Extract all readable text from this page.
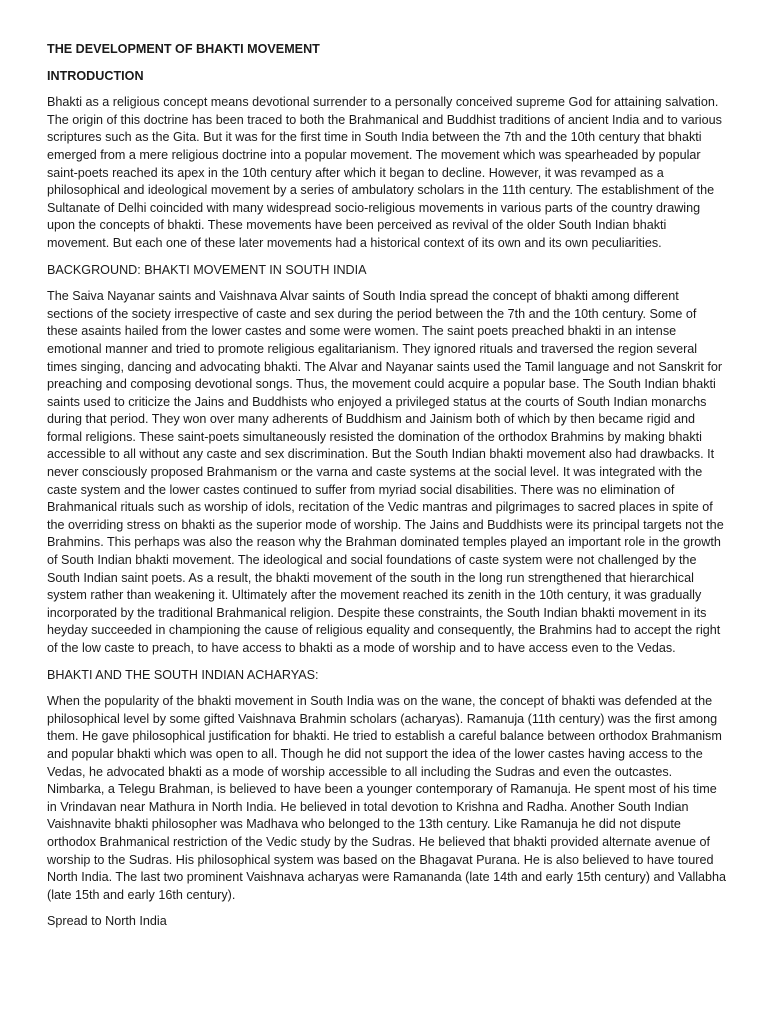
THE DEVELOPMENT OF BHAKTI MOVEMENT

INTRODUCTION

Bhakti as a religious concept means devotional surrender to a personally conceived supreme God for attaining salvation. The origin of this doctrine has been traced to both the Brahmanical and Buddhist traditions of ancient India and to various scriptures such as the Gita. But it was for the first time in South India between the 7th and the 10th century that bhakti emerged from a mere religious doctrine into a popular movement. The movement which was spearheaded by popular saint-poets reached its apex in the 10th century after which it began to decline. However, it was revamped as a philosophical and ideological movement by a series of ambulatory scholars in the 11th century. The establishment of the Sultanate of Delhi coincided with many widespread socio-religious movements in various parts of the country drawing upon the concepts of bhakti. These movements have been perceived as revival of the older South Indian bhakti movement. But each one of these later movements had a historical context of its own and its own peculiarities.

BACKGROUND: BHAKTI MOVEMENT IN SOUTH INDIA

The Saiva Nayanar saints and Vaishnava Alvar saints of South India spread the concept of bhakti among different sections of the society irrespective of caste and sex during the period between the 7th and the 10th century. Some of these asaints hailed from the lower castes and some were women. The saint poets preached bhakti in an intense emotional manner and tried to promote religious egalitarianism. They ignored rituals and traversed the region several times singing, dancing and advocating bhakti. The Alvar and Nayanar saints used the Tamil language and not Sanskrit for preaching and composing devotional songs. Thus, the movement could acquire a popular base. The South Indian bhakti saints used to criticize the Jains and Buddhists who enjoyed a privileged status at the courts of South Indian monarchs during that period. They won over many adherents of Buddhism and Jainism both of which by then became rigid and formal religions. These saint-poets simultaneously resisted the domination of the orthodox Brahmins by making bhakti accessible to all without any caste and sex discrimination. But the South Indian bhakti movement also had drawbacks. It never consciously proposed Brahmanism or the varna and caste systems at the social level. It was integrated with the caste system and the lower castes continued to suffer from myriad social disabilities. There was no elimination of Brahmanical rituals such as worship of idols, recitation of the Vedic mantras and pilgrimages to sacred places in spite of the overriding stress on bhakti as the superior mode of worship. The Jains and Buddhists were its principal targets not the Brahmins. This perhaps was also the reason why the Brahman dominated temples played an important role in the growth of South Indian bhakti movement. The ideological and social foundations of caste system were not challenged by the South Indian saint poets. As a result, the bhakti movement of the south in the long run strengthened that hierarchical system rather than weakening it. Ultimately after the movement reached its zenith in the 10th century, it was gradually incorporated by the traditional Brahmanical religion. Despite these constraints, the South Indian bhakti movement in its heyday succeeded in championing the cause of religious equality and consequently, the Brahmins had to accept the right of the low caste to preach, to have access to bhakti as a mode of worship and to have access even to the Vedas.

BHAKTI AND THE SOUTH INDIAN ACHARYAS:

When the popularity of the bhakti movement in South India was on the wane, the concept of bhakti was defended at the philosophical level by some gifted Vaishnava Brahmin scholars (acharyas). Ramanuja (11th century) was the first among them. He gave philosophical justification for bhakti. He tried to establish a careful balance between orthodox Brahmanism and popular bhakti which was open to all. Though he did not support the idea of the lower castes having access to the Vedas, he advocated bhakti as a mode of worship accessible to all including the Sudras and even the outcastes. Nimbarka, a Telegu Brahman, is believed to have been a younger contemporary of Ramanuja. He spent most of his time in Vrindavan near Mathura in North India. He believed in total devotion to Krishna and Radha. Another South Indian Vaishnavite bhakti philosopher was Madhava who belonged to the 13th century. Like Ramanuja he did not dispute orthodox Brahmanical restriction of the Vedic study by the Sudras. He believed that bhakti provided alternate avenue of worship to the Sudras. His philosophical system was based on the Bhagavat Purana. He is also believed to have toured North India. The last two prominent Vaishnava acharyas were Ramananda (late 14th and early 15th century) and Vallabha (late 15th and early 16th century).

Spread to North India
